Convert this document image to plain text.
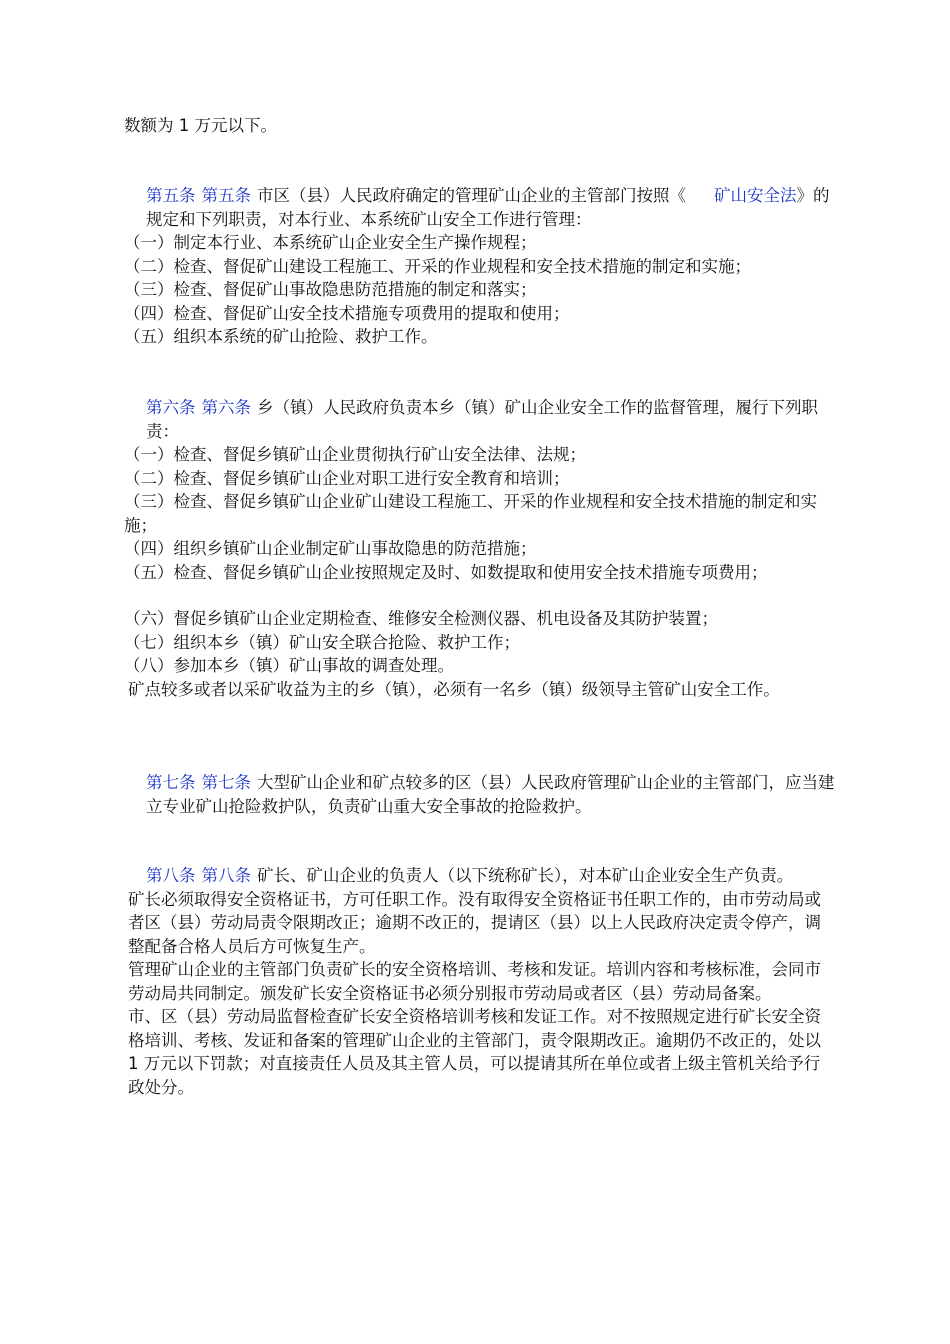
数额为 1 万元以下。

第五条 第五条 市区（县）人民政府确定的管理矿山企业的主管部门按照《 矿山安全法》的规定和下列职责，对本行业、本系统矿山安全工作进行管理：

（一）制定本行业、本系统矿山企业安全生产操作规程；

（二）检查、督促矿山建设工程施工、开采的作业规程和安全技术措施的制定和实施；

（三）检查、督促矿山事故隐患防范措施的制定和落实；

（四）检查、督促矿山安全技术措施专项费用的提取和使用；

（五）组织本系统的矿山抢险、救护工作。

第六条 第六条 乡（镇）人民政府负责本乡（镇）矿山企业安全工作的监督管理，履行下列职责：

（一）检查、督促乡镇矿山企业贯彻执行矿山安全法律、法规；

（二）检查、督促乡镇矿山企业对职工进行安全教育和培训；

（三）检查、督促乡镇矿山企业矿山建设工程施工、开采的作业规程和安全技术措施的制定和实施；

（四）组织乡镇矿山企业制定矿山事故隐患的防范措施；

（五）检查、督促乡镇矿山企业按照规定及时、如数提取和使用安全技术措施专项费用；

（六）督促乡镇矿山企业定期检查、维修安全检测仪器、机电设备及其防护装置；

（七）组织本乡（镇）矿山安全联合抢险、救护工作；

（八）参加本乡（镇）矿山事故的调查处理。

矿点较多或者以采矿收益为主的乡（镇），必须有一名乡（镇）级领导主管矿山安全工作。

第七条 第七条 大型矿山企业和矿点较多的区（县）人民政府管理矿山企业的主管部门，应当建立专业矿山抢险救护队，负责矿山重大安全事故的抢险救护。

第八条 第八条 矿长、矿山企业的负责人（以下统称矿长），对本矿山企业安全生产负责。

矿长必须取得安全资格证书，方可任职工作。没有取得安全资格证书任职工作的，由市劳动局或者区（县）劳动局责令限期改正；逾期不改正的，提请区（县）以上人民政府决定责令停产，调整配备合格人员后方可恢复生产。

管理矿山企业的主管部门负责矿长的安全资格培训、考核和发证。培训内容和考核标准，会同市劳动局共同制定。颁发矿长安全资格证书必须分别报市劳动局或者区（县）劳动局备案。

市、区（县）劳动局监督检查矿长安全资格培训考核和发证工作。对不按照规定进行矿长安全资格培训、考核、发证和备案的管理矿山企业的主管部门，责令限期改正。逾期仍不改正的，处以 1 万元以下罚款；对直接责任人员及其主管人员，可以提请其所在单位或者上级主管机关给予行政处分。
